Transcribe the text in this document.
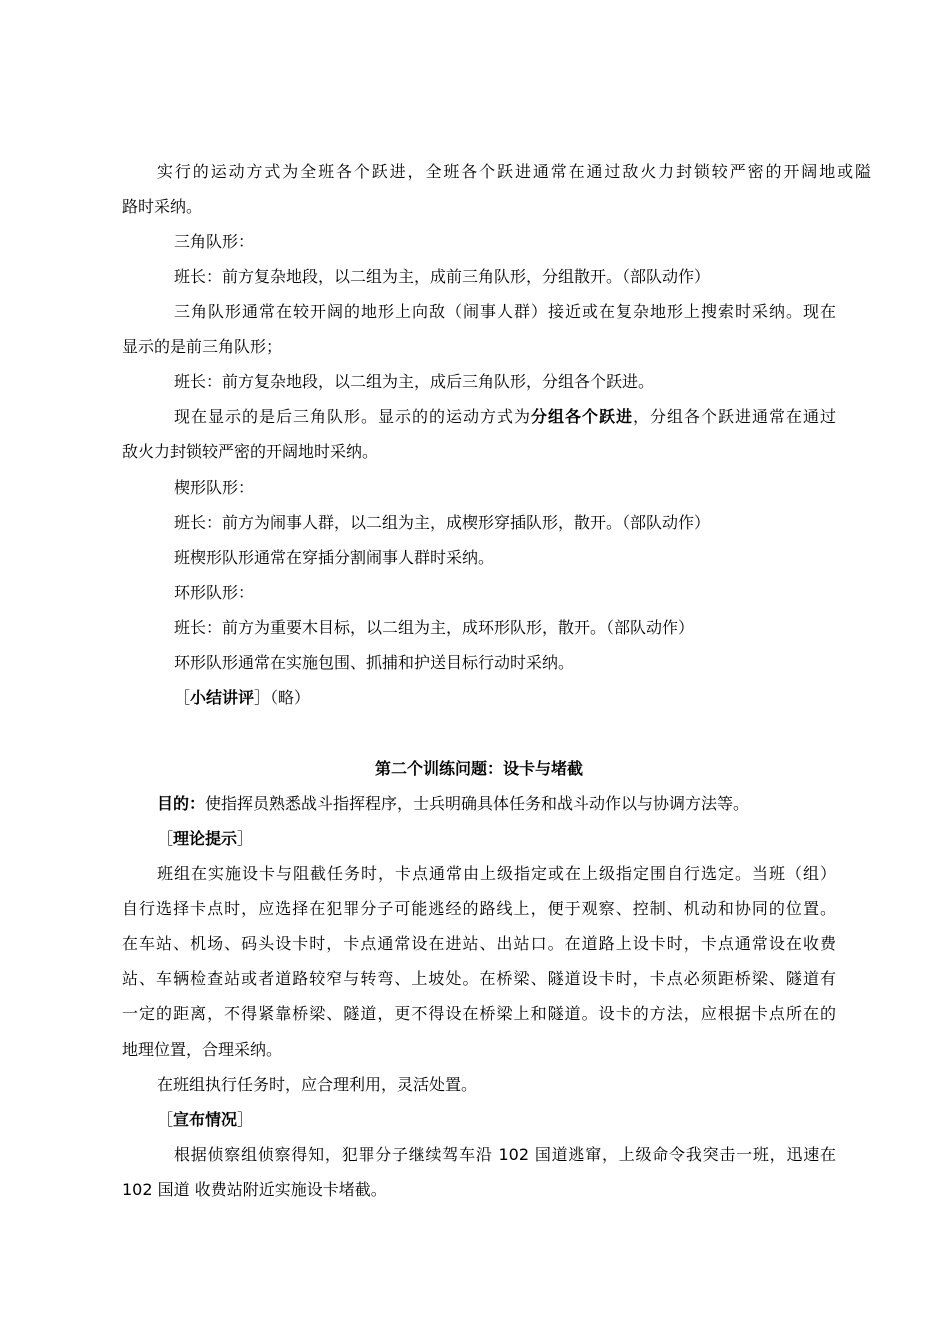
实行的运动方式为全班各个跃进，全班各个跃进通常在通过敌火力封锁较严密的开阔地或隘
路时采纳。
三角队形：
班长：前方复杂地段，以二组为主，成前三角队形，分组散开。（部队动作）
三角队形通常在较开阔的地形上向敌（闹事人群）接近或在复杂地形上搜索时采纳。现在
显示的是前三角队形；
班长：前方复杂地段，以二组为主，成后三角队形，分组各个跃进。
现在显示的是后三角队形。显示的的运动方式为分组各个跃进，分组各个跃进通常在通过
敌火力封锁较严密的开阔地时采纳。
楔形队形：
班长：前方为闹事人群，以二组为主，成楔形穿插队形，散开。（部队动作）
班楔形队形通常在穿插分割闹事人群时采纳。
环形队形：
班长：前方为重要木目标，以二组为主，成环形队形，散开。（部队动作）
环形队形通常在实施包围、抓捕和护送目标行动时采纳。
［小结讲评］（略）
第二个训练问题：设卡与堵截
目的：使指挥员熟悉战斗指挥程序，士兵明确具体任务和战斗动作以与协调方法等。
［理论提示］
班组在实施设卡与阻截任务时，卡点通常由上级指定或在上级指定围自行选定。当班（组）
自行选择卡点时，应选择在犯罪分子可能逃经的路线上，便于观察、控制、机动和协同的位置。
在车站、机场、码头设卡时，卡点通常设在进站、出站口。在道路上设卡时，卡点通常设在收费
站、车辆检查站或者道路较窄与转弯、上坡处。在桥梁、隧道设卡时，卡点必须距桥梁、隧道有
一定的距离，不得紧靠桥梁、隧道，更不得设在桥梁上和隧道。设卡的方法，应根据卡点所在的
地理位置，合理采纳。
在班组执行任务时，应合理利用，灵活处置。
［宣布情况］
根据侦察组侦察得知，犯罪分子继续驾车沿 102 国道逃窜，上级命令我突击一班，迅速在
102 国道 收费站附近实施设卡堵截。
